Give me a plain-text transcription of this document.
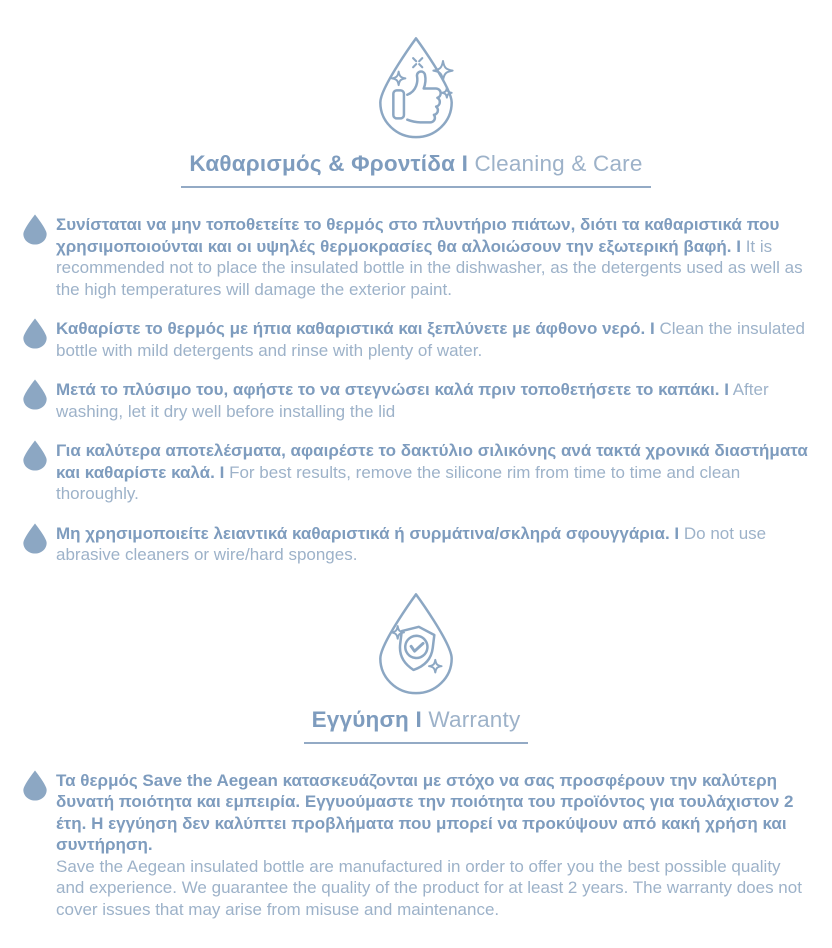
Καθαρισμός & Φροντίδα I Cleaning & Care

Συνίσταται να μην τοποθετείτε το θερμός στο πλυντήριο πιάτων, διότι τα καθαριστικά που χρησιμοποιούνται και οι υψηλές θερμοκρασίες θα αλλοιώσουν την εξωτερική βαφή. I It is recommended not to place the insulated bottle in the dishwasher, as the detergents used as well as the high temperatures will damage the exterior paint.

Καθαρίστε το θερμός με ήπια καθαριστικά και ξεπλύνετε με άφθονο νερό. I Clean the insulated bottle with mild detergents and rinse with plenty of water.

Μετά το πλύσιμο του, αφήστε το να στεγνώσει καλά πριν τοποθετήσετε το καπάκι. I After washing, let it dry well before installing the lid

Για καλύτερα αποτελέσματα, αφαιρέστε το δακτύλιο σιλικόνης ανά τακτά χρονικά διαστήματα και καθαρίστε καλά. I For best results, remove the silicone rim from time to time and clean thoroughly.

Μη χρησιμοποιείτε λειαντικά καθαριστικά ή συρμάτινα/σκληρά σφουγγάρια. I Do not use abrasive cleaners or wire/hard sponges.

Εγγύηση I Warranty

Τα θερμός Save the Aegean κατασκευάζονται με στόχο να σας προσφέρουν την καλύτερη δυνατή ποιότητα και εμπειρία. Εγγυούμαστε την ποιότητα του προϊόντος για τουλάχιστον 2 έτη. Η εγγύηση δεν καλύπτει προβλήματα που μπορεί να προκύψουν από κακή χρήση και συντήρηση.
Save the Aegean insulated bottle are manufactured in order to offer you the best possible quality and experience. We guarantee the quality of the product for at least 2 years. The warranty does not cover issues that may arise from misuse and maintenance.
